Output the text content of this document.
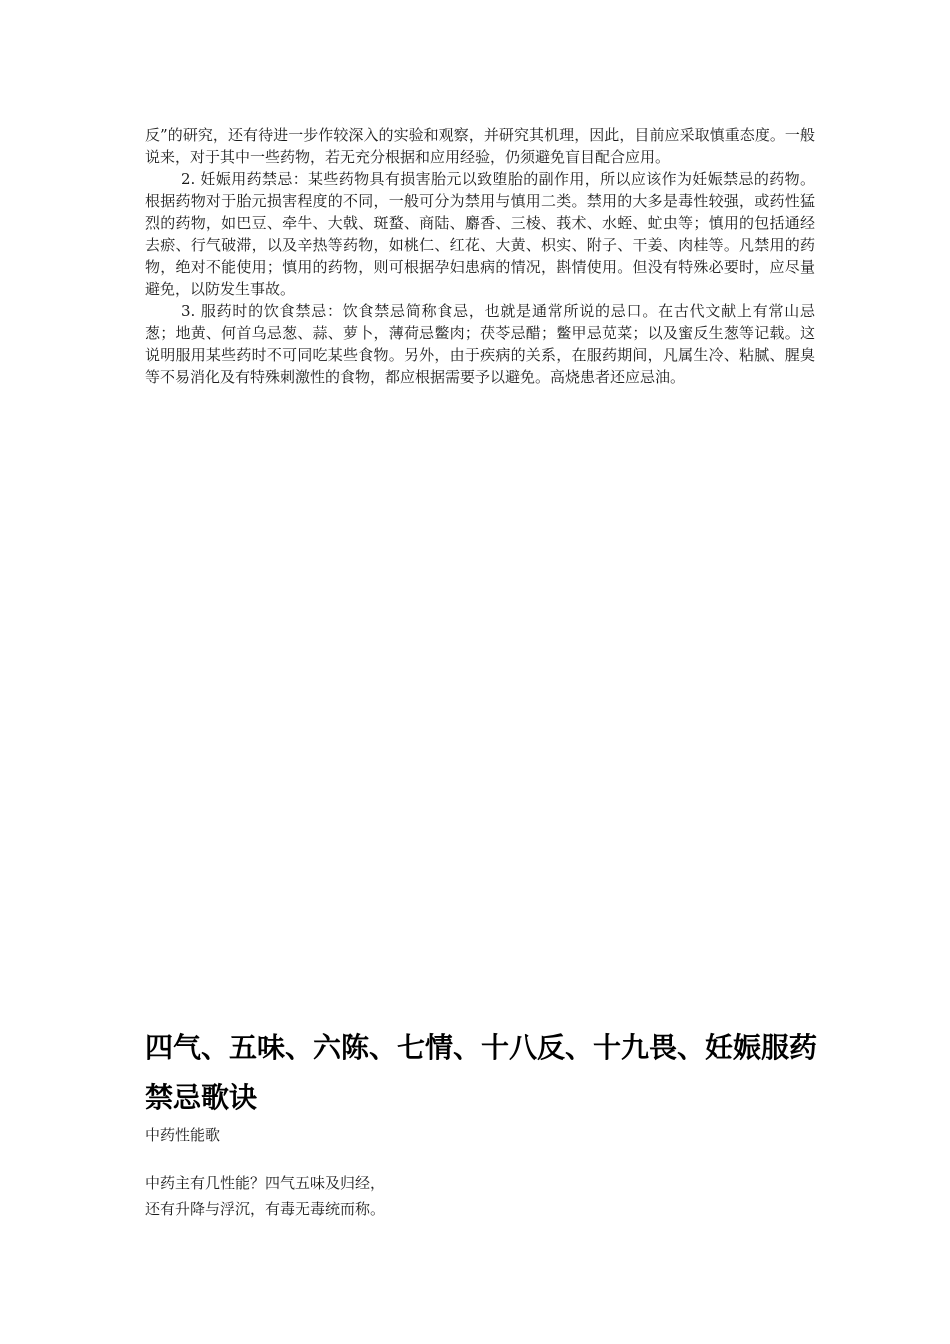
反”的研究，还有待进一步作较深入的实验和观察，并研究其机理，因此，目前应采取慎重态度。一般说来，对于其中一些药物，若无充分根据和应用经验，仍须避免盲目配合应用。

2. 妊娠用药禁忌：某些药物具有损害胎元以致堕胎的副作用，所以应该作为妊娠禁忌的药物。根据药物对于胎元损害程度的不同，一般可分为禁用与慎用二类。禁用的大多是毒性较强，或药性猛烈的药物，如巴豆、牵牛、大戟、斑蝥、商陆、麝香、三棱、莪术、水蛭、虻虫等；慎用的包括通经去瘀、行气破滞，以及辛热等药物，如桃仁、红花、大黄、枳实、附子、干姜、肉桂等。凡禁用的药物，绝对不能使用；慎用的药物，则可根据孕妇患病的情况，斟情使用。但没有特殊必要时，应尽量避免，以防发生事故。

3. 服药时的饮食禁忌：饮食禁忌简称食忌，也就是通常所说的忌口。在古代文献上有常山忌葱；地黄、何首乌忌葱、蒜、萝卜，薄荷忌鳖肉；茯苓忌醋；鳖甲忌苋菜；以及蜜反生葱等记载。这说明服用某些药时不可同吃某些食物。另外，由于疾病的关系，在服药期间，凡属生冷、粘腻、腥臭等不易消化及有特殊刺激性的食物，都应根据需要予以避免。高烧患者还应忌油。

四气、五味、六陈、七情、十八反、十九畏、妊娠服药禁忌歌诀

中药性能歌

中药主有几性能？四气五味及归经，
还有升降与浮沉，有毒无毒统而称。
